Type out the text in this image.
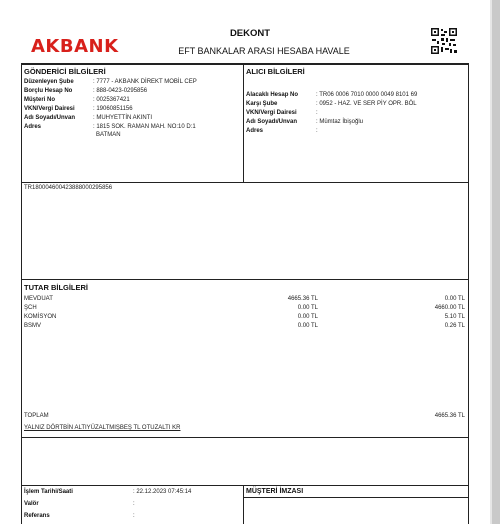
AKBANK
DEKONT
EFT BANKALAR ARASI HESABA HAVALE
GÖNDERİCİ BİLGİLERİ
Düzenleyen Şube	: 7777 - AKBANK DİREKT MOBİL CEP
Borçlu Hesap No	: 888-0423-0295856
Müşteri No	: 0025367421
VKN/Vergi Dairesi	: 19060851156
Adı Soyadı/Unvan	: MUHYETTİN AKINTI
Adres	: 1815 SOK. RAMAN MAH. NO:10 D:1
BATMAN
ALICI BİLGİLERİ
Alacaklı Hesap No	: TR06 0006 7010 0000 0049 8101 69
Karşı Şube	: 0952 - HAZ. VE SER PİY OPR. BÖL
VKN/Vergi Dairesi	:
Adı Soyadı/Unvan	: Mümtaz İbişoğlu
Adres	:
TR180004600423888000295856
TUTAR BİLGİLERİ
MEVDUAT	4665.36 TL	0.00 TL
ŞCH	0.00 TL	4660.00 TL
KOMİSYON	0.00 TL	5.10 TL
BSMV	0.00 TL	0.26 TL
TOPLAM	4665.36 TL
YALNIZ DÖRTBİN ALTIYÜZALTMIŞBEŞ TL OTUZALTI KR
İşlem Tarihi/Saati	: 22.12.2023 07:45:14
Valör	:
Referans	:
MÜŞTERİ İMZASI
